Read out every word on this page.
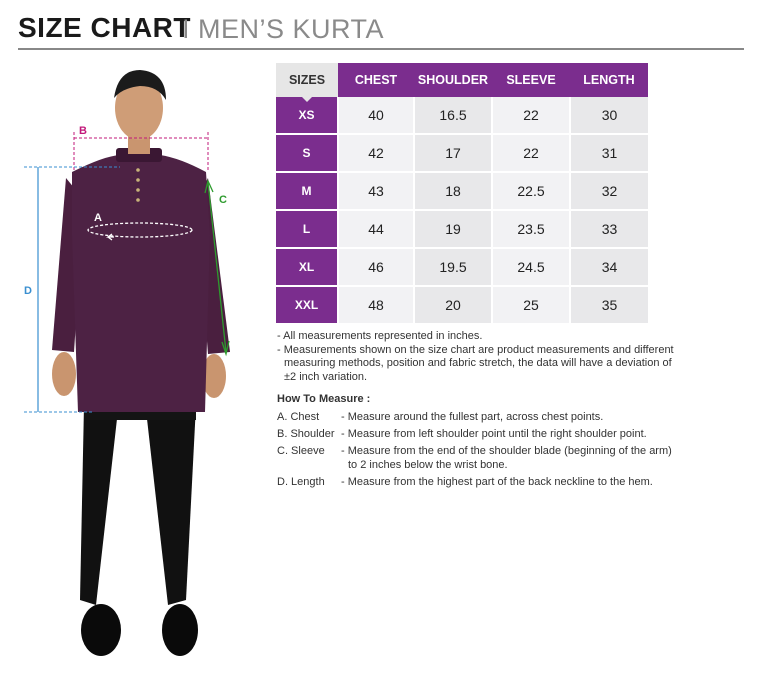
SIZE CHART
I MEN’S KURTA
B
A
C
D
SIZES	CHEST	SHOULDER	SLEEVE	LENGTH
XS	40	16.5	22	30
S	42	17	22	31
M	43	18	22.5	32
L	44	19	23.5	33
XL	46	19.5	24.5	34
XXL	48	20	25	35

- All measurements represented in inches.

- Measurements shown on the size chart are product measurements and different

measuring methods, position and fabric stretch, the data will have a deviation of

±2 inch variation.

How To Measure :
A. Chest	- Measure around the fullest part, across chest points.
B. Shoulder - Measure from left shoulder point until the right shoulder point.
C. Sleeve	- Measure from the end of the shoulder blade (beginning of the arm)
to 2 inches below the wrist bone.
D. Length	- Measure from the highest part of the back neckline to the hem.
